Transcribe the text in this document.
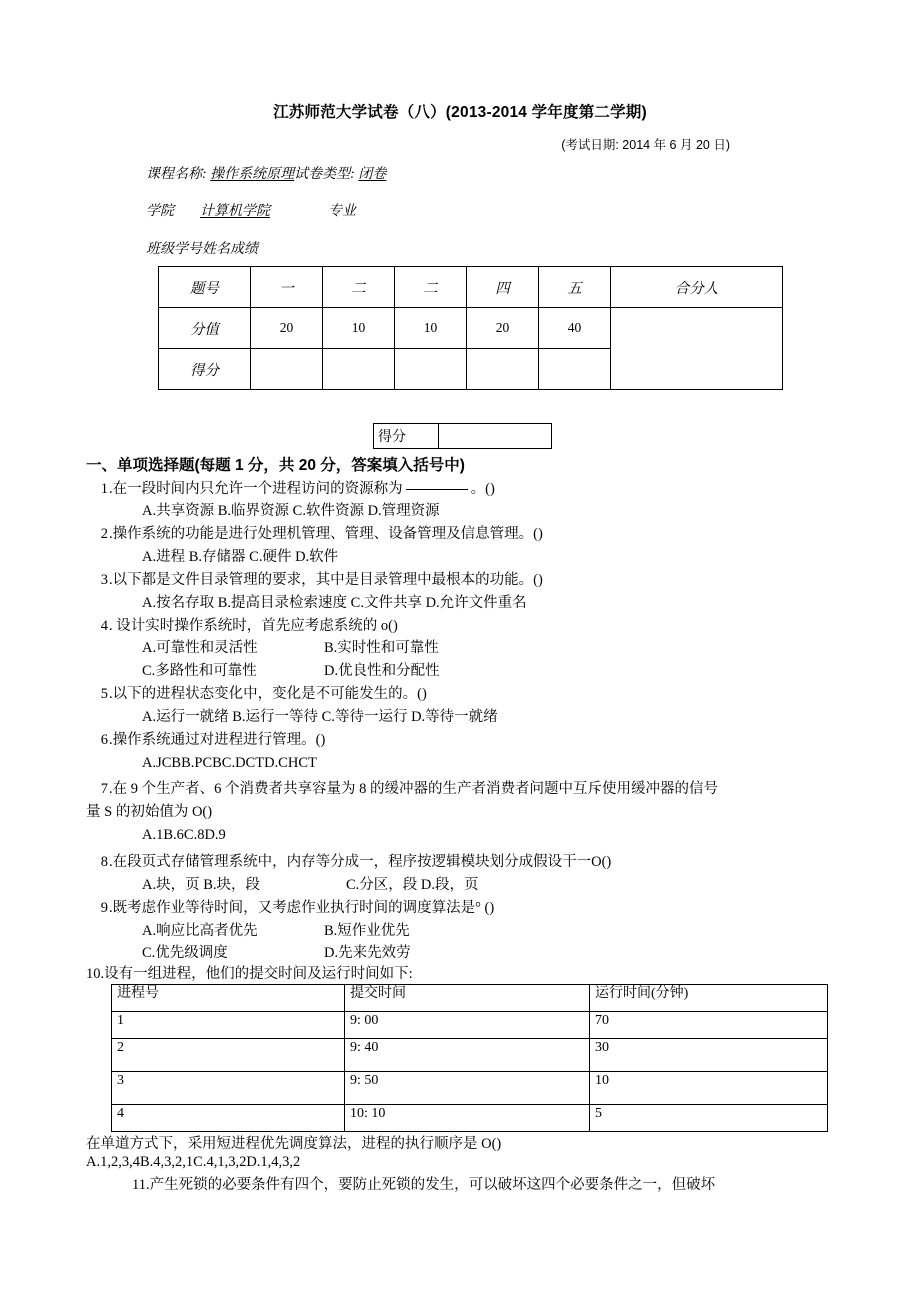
江苏师范大学试卷（八）(2013-2014 学年度第二学期)
(考试日期: 2014 年 6 月 20 日)
课程名称: 操作系统原理试卷类型: 闭卷
学院 计算机学院	专业
班级学号姓名成绩
题号	一	二	二	四	五	合分人
分值	20	10	10	20	40	
得分						
得分	
一、单项选择题(每题 1 分，共 20 分，答案填入括号中)
1.在一段时间内只允许一个进程访问的资源称为	。()
A.共享资源 B.临界资源 C.软件资源 D.管理资源
2.操作系统的功能是进行处理机管理、管理、设备管理及信息管理。()
A.进程 B.存储器 C.硬件 D.软件
3.以下都是文件目录管理的要求，其中是目录管理中最根本的功能。()
A.按名存取 B.提高目录检索速度 C.文件共享 D.允许文件重名
4. 设计实时操作系统时，首先应考虑系统的 o()
A.可靠性和灵活性	B.实时性和可靠性
C.多路性和可靠性	D.优良性和分配性
5.以下的进程状态变化中，变化是不可能发生的。()
A.运行一就绪 B.运行一等待 C.等待一运行 D.等待一就绪
6.操作系统通过对进程进行管理。()
A.JCBB.PCBC.DCTD.CHCT
7.在 9 个生产者、6 个消费者共享容量为 8 的缓冲器的生产者消费者问题中互斥使用缓冲器的信号
量 S 的初始值为 O()
A.1B.6C.8D.9
8.在段页式存储管理系统中，内存等分成一，程序按逻辑模块划分成假设干一O()
A.块，页 B.块，段	C.分区，段 D.段，页
9.既考虑作业等待时间，又考虑作业执行时间的调度算法是° ()
A.响应比高者优先	B.短作业优先
C.优先级调度	D.先来先效劳
10.设有一组进程，他们的提交时间及运行时间如下:
进程号	提交时间	运行时间(分钟)
1	9: 00	70
2	9: 40	30
3	9: 50	10
4	10: 10	5
在单道方式下，采用短进程优先调度算法，进程的执行顺序是 O()
A.1,2,3,4B.4,3,2,1C.4,1,3,2D.1,4,3,2
11.产生死锁的必要条件有四个，要防止死锁的发生，可以破坏这四个必要条件之一，但破坏
